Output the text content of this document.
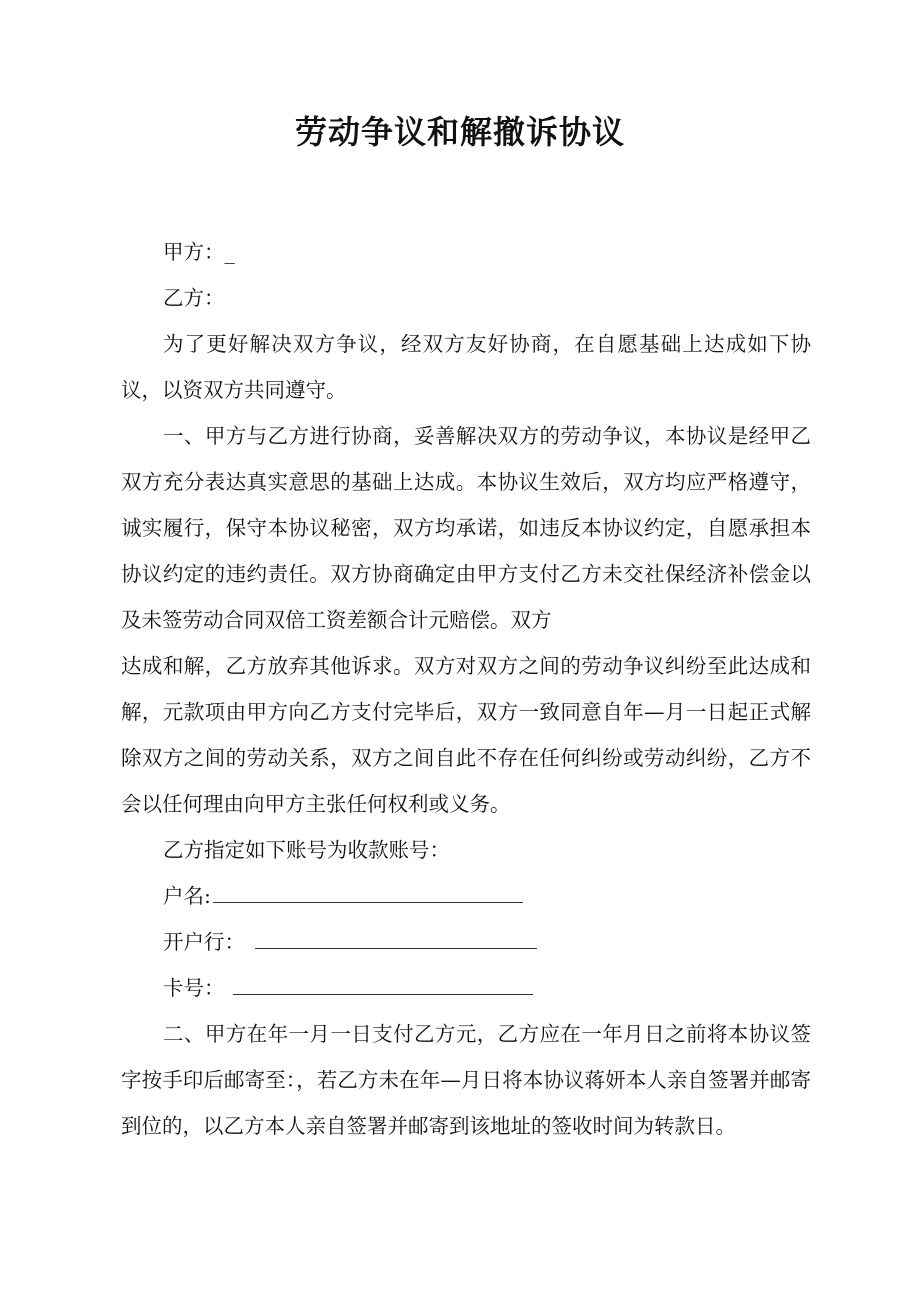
劳动争议和解撤诉协议

甲方：_

乙方：

为了更好解决双方争议，经双方友好协商，在自愿基础上达成如下协议，以资双方共同遵守。

一、甲方与乙方进行协商，妥善解决双方的劳动争议，本协议是经甲乙双方充分表达真实意思的基础上达成。本协议生效后，双方均应严格遵守，诚实履行，保守本协议秘密，双方均承诺，如违反本协议约定，自愿承担本协议约定的违约责任。双方协商确定由甲方支付乙方未交社保经济补偿金以及未签劳动合同双倍工资差额合计元赔偿。双方

达成和解，乙方放弃其他诉求。双方对双方之间的劳动争议纠纷至此达成和解，元款项由甲方向乙方支付完毕后，双方一致同意自年—月一日起正式解除双方之间的劳动关系，双方之间自此不存在任何纠纷或劳动纠纷，乙方不会以任何理由向甲方主张任何权利或义务。

乙方指定如下账号为收款账号：

户名:

开户行：

卡号：

二、甲方在年一月一日支付乙方元，乙方应在一年月日之前将本协议签字按手印后邮寄至：，若乙方未在年—月日将本协议蒋妍本人亲自签署并邮寄到位的，以乙方本人亲自签署并邮寄到该地址的签收时间为转款日。
